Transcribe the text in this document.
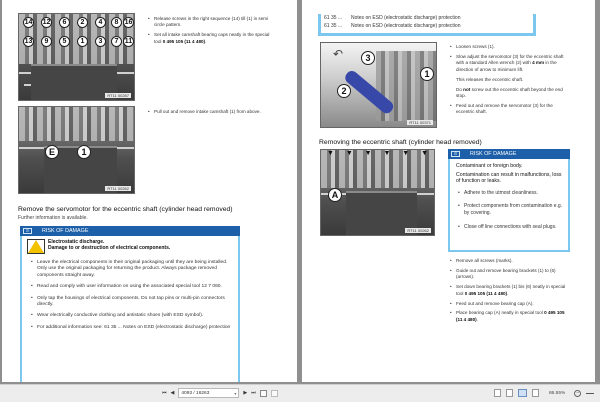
14 12	6	2	4	8 16
13	9	5	1	3	7 11
RT11 00287
• Release screws in the right sequence (14) till (1) in semi circle pattern.
• Set all intake camshaft bearing caps neatly in the special tool 0 495 105 (11 4 480).
E	1
RT11 00262
• Pull out and remove intake camshaft (1) from above.
Remove the servomotor for the eccentric shaft (cylinder head removed)
Further information is available.
☰	RISK OF DAMAGE
Electrostatic discharge.
Damage to or destruction of electrical components.
• Leave the electrical components in their original packaging until they are being installed. Only use the original packaging for returning the product. Always package removed components straight away.
• Read and comply with user information on using the associated special tool 12 7 060.
• Only tap the housings of electrical components. Do not tap pins or multi-pin connectors directly.
• Wear electrically conductive clothing and antistatic shoes (with ESD symbol).
• For additional information see: 61 35 ... Notes on ESD (electrostatic discharge) protection
61 35 ... Notes on ESD (electrostatic discharge) protection
61 35 ... Notes on ESD (electrostatic discharge) protection
↶	3
1
2
RT11 00371
• Loosen screws (1).
• Slow adjust the servomotor (3) for the eccentric shaft with a standard Allen wrench (2) with 4 mm in the direction of arrow to minimum lift.
This releases the eccentric shaft.
Do not screw out the eccentric shaft beyond the end stop.
• Feed out and remove the servomotor (3) for the eccentric shaft.
Removing the eccentric shaft (cylinder head removed)
▼ ▼ ▼ ▼ ▼ ▼
A
RT11 00262
☰	RISK OF DAMAGE
Contaminant or foreign body.
Contamination can result in malfunctions, loss of function or leaks.
• Adhere to the utmost cleanliness.
• Protect components from contamination e.g. by covering.
• Close off line connections with seal plugs.
• Remove all screws (marks).
• Guide out and remove bearing brackets (1) to (6) (arrows).
• Set down bearing brackets (1) bis (6) neatly in special tool 0 495 105 (11 4 480).
• Feed out and remove bearing cap (A).
• Place bearing cap (A) neatly in special tool 0 495 105 (11 4 480).
⏮ ◀	4093 / 16263	▾ ▶ ⏭	86.55%	−
